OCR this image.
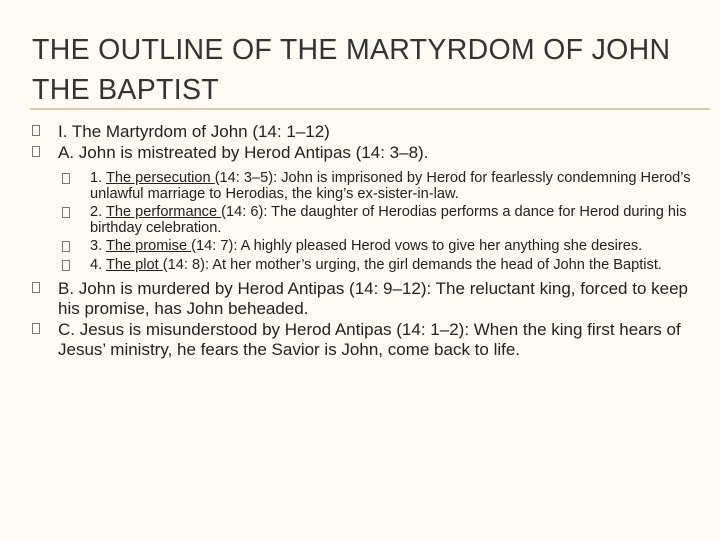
THE OUTLINE OF THE MARTYRDOM OF JOHN THE BAPTIST
I. The Martyrdom of John (14: 1–12)
A. John is mistreated by Herod Antipas (14: 3–8).
1. The persecution (14: 3–5): John is imprisoned by Herod for fearlessly condemning Herod’s unlawful marriage to Herodias, the king’s ex-sister-in-law.
2. The performance (14: 6): The daughter of Herodias performs a dance for Herod during his birthday celebration.
3. The promise (14: 7): A highly pleased Herod vows to give her anything she desires.
4. The plot (14: 8): At her mother’s urging, the girl demands the head of John the Baptist.
B. John is murdered by Herod Antipas (14: 9–12): The reluctant king, forced to keep his promise, has John beheaded.
C. Jesus is misunderstood by Herod Antipas (14: 1–2): When the king first hears of Jesus’ ministry, he fears the Savior is John, come back to life.
